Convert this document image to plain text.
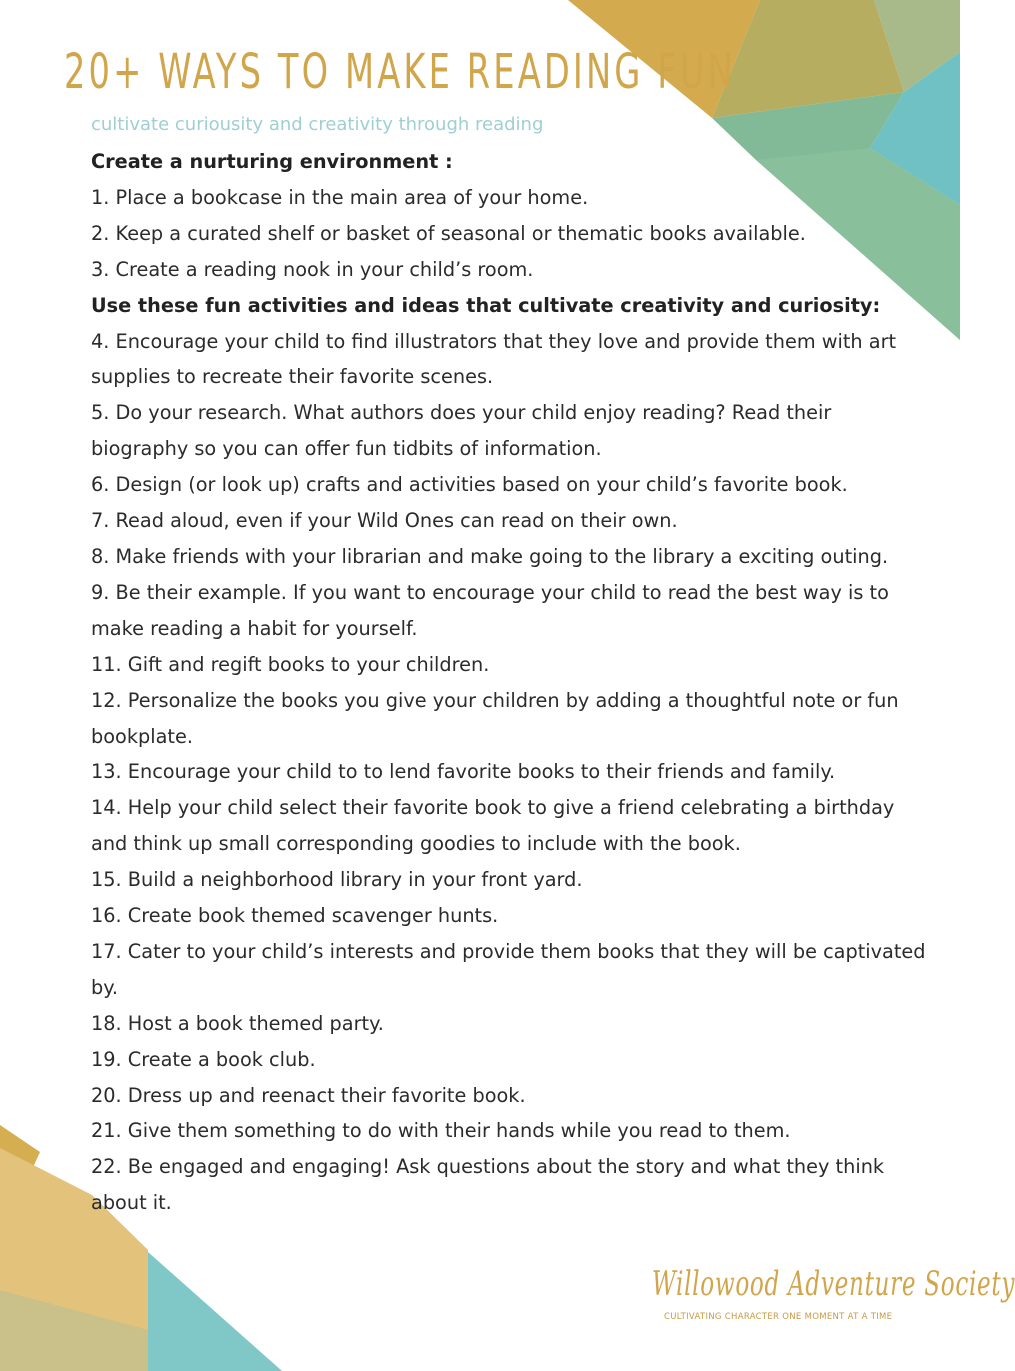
20+ WAYS TO MAKE READING FUN
cultivate curiousity and creativity through reading

Create a nurturing environment :

1. Place a bookcase in the main area of your home.

2. Keep a curated shelf or basket of seasonal or thematic books available.

3. Create a reading nook in your child’s room.

Use these fun activities and ideas that cultivate creativity and curiosity:

4. Encourage your child to find illustrators that they love and provide them with art supplies to recreate their favorite scenes.

5. Do your research. What authors does your child enjoy reading? Read their biography so you can offer fun tidbits of information.

6. Design (or look up) crafts and activities based on your child’s favorite book.

7. Read aloud, even if your Wild Ones can read on their own.

8. Make friends with your librarian and make going to the library a exciting outing.

9. Be their example. If you want to encourage your child to read the best way is to make reading a habit for yourself.

11. Gift and regift books to your children.

12. Personalize the books you give your children by adding a thoughtful note or fun bookplate.

13. Encourage your child to to lend favorite books to their friends and family.

14. Help your child select their favorite book to give a friend celebrating a birthday and think up small corresponding goodies to include with the book.

15. Build a neighborhood library in your front yard.

16. Create book themed scavenger hunts.

17. Cater to your child’s interests and provide them books that they will be captivated by.

18. Host a book themed party.

19. Create a book club.

20. Dress up and reenact their favorite book.

21. Give them something to do with their hands while you read to them.

22. Be engaged and engaging! Ask questions about the story and what they think about it.

Willowood Adventure Society
CULTIVATING CHARACTER ONE MOMENT AT A TIME
